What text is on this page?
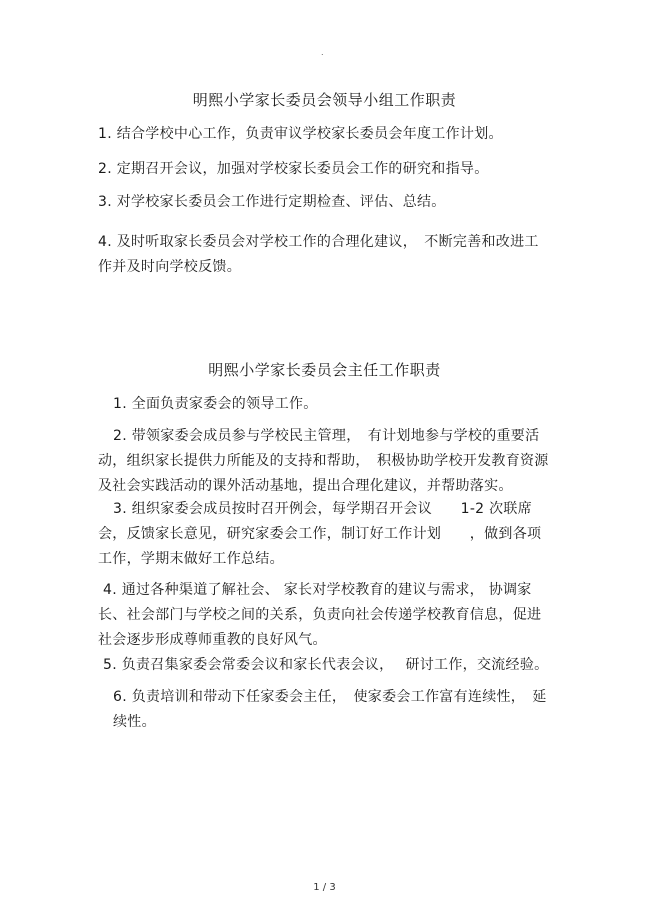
.
明熙小学家长委员会领导小组工作职责
1. 结合学校中心工作，负责审议学校家长委员会年度工作计划。
2. 定期召开会议，加强对学校家长委员会工作的研究和指导。
3. 对学校家长委员会工作进行定期检查、评估、总结。
4. 及时听取家长委员会对学校工作的合理化建议，　不断完善和改进工作并及时向学校反馈。
明熙小学家长委员会主任工作职责
1. 全面负责家委会的领导工作。
2. 带领家委会成员参与学校民主管理，　有计划地参与学校的重要活动，组织家长提供力所能及的支持和帮助，　积极协助学校开发教育资源及社会实践活动的课外活动基地，提出合理化建议，并帮助落实。
3. 组织家委会成员按时召开例会，每学期召开会议　　1-2 次联席会，反馈家长意见，研究家委会工作，制订好工作计划　　，做到各项工作，学期末做好工作总结。
4. 通过各种渠道了解社会、 家长对学校教育的建议与需求， 协调家长、社会部门与学校之间的关系，负责向社会传递学校教育信息，促进社会逐步形成尊师重教的良好风气。
5. 负责召集家委会常委会议和家长代表会议，　 研讨工作，交流经验。
6. 负责培训和带动下任家委会主任，　使家委会工作富有连续性，　延续性。
1 / 3
